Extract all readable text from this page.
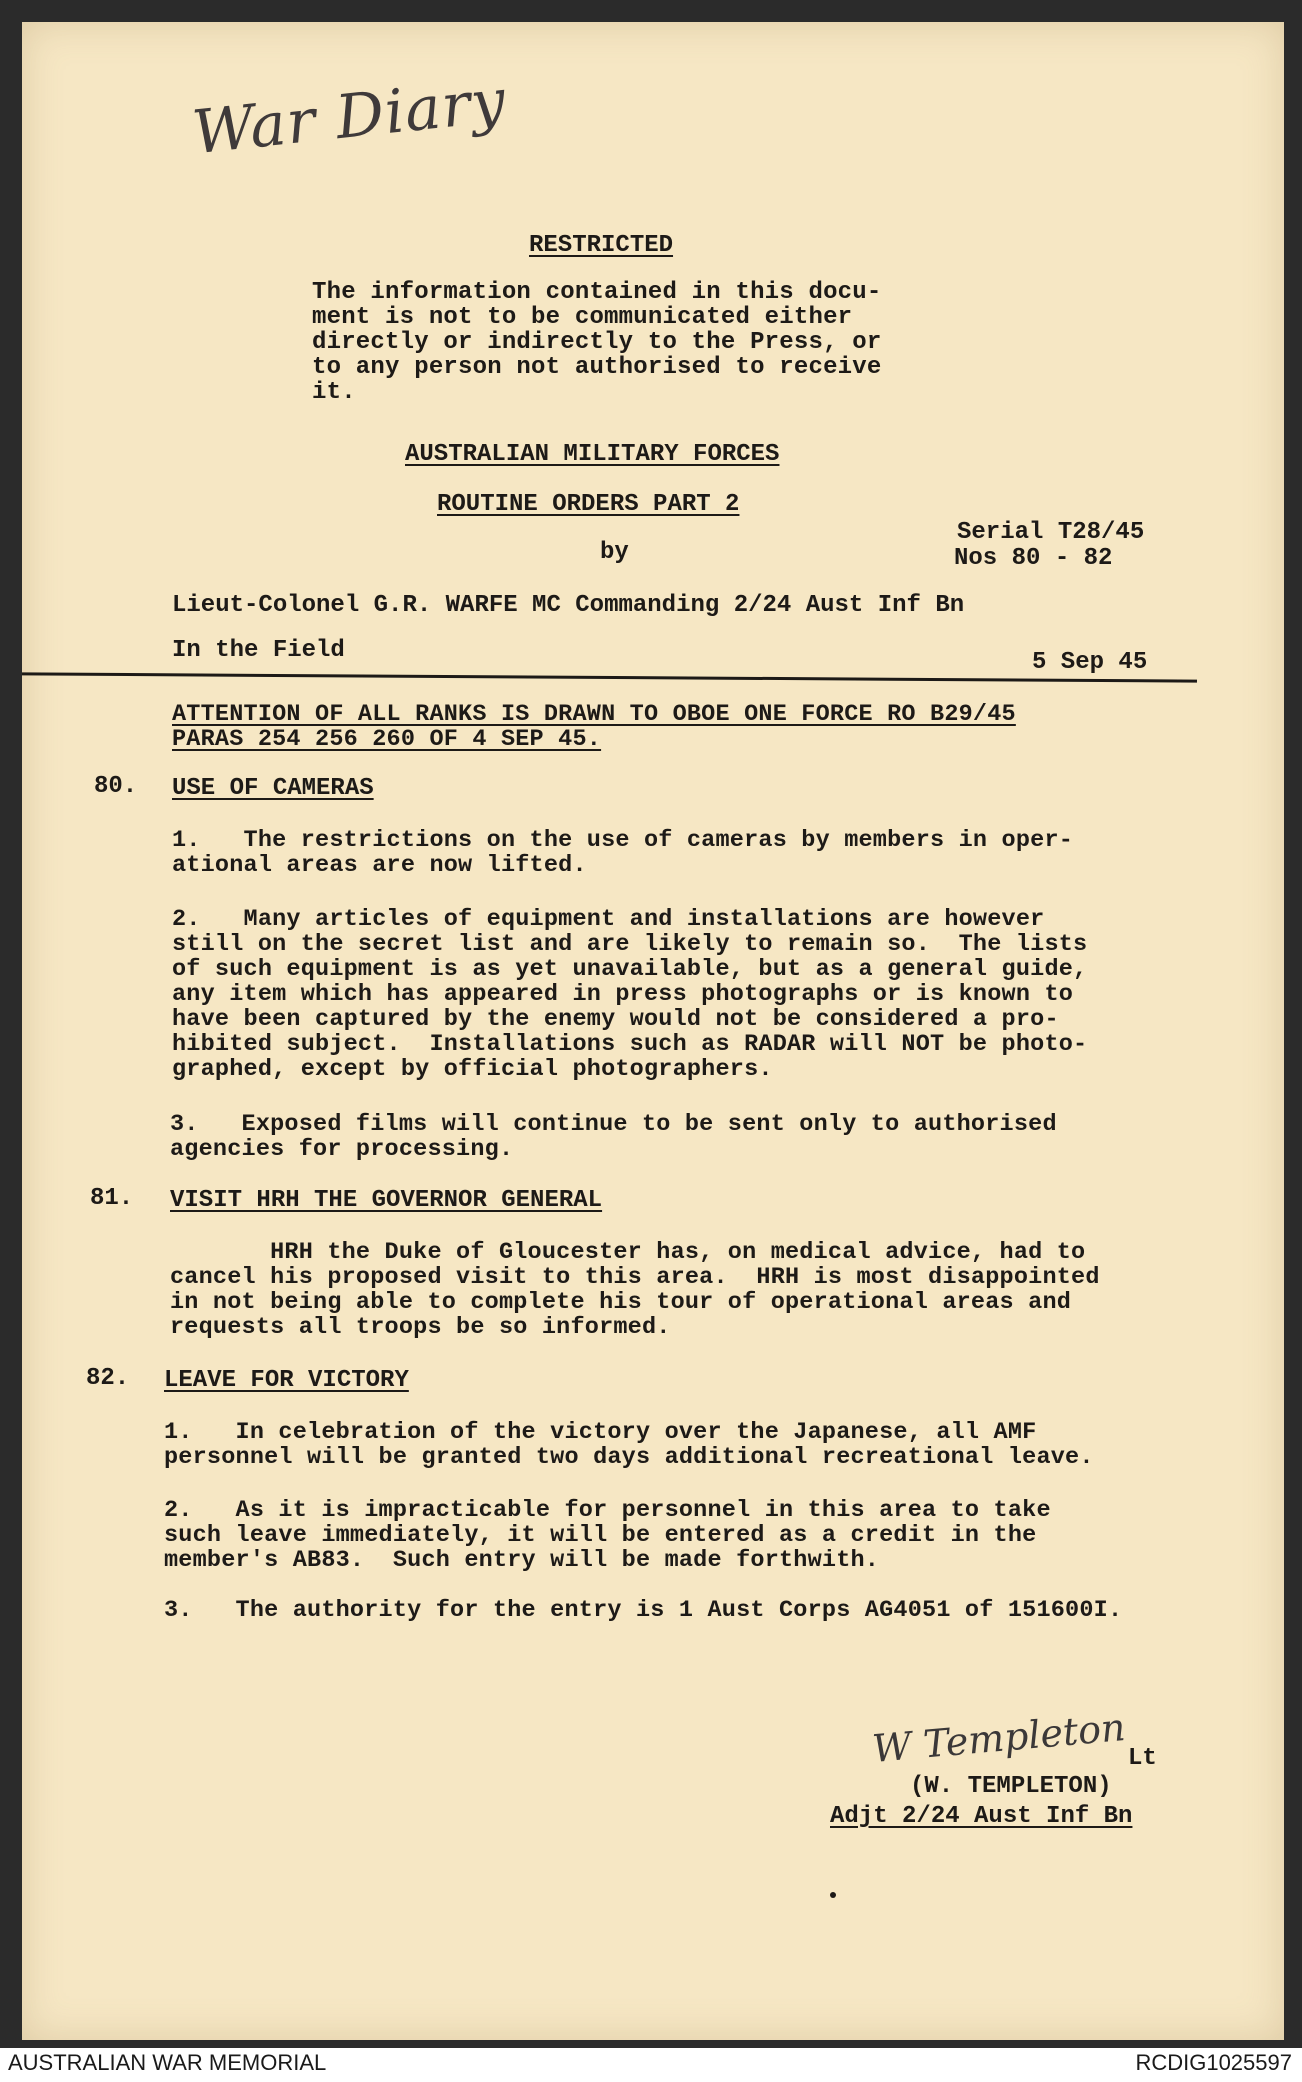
War Diary
RESTRICTED
The information contained in this docu-
ment is not to be communicated either
directly or indirectly to the Press, or
to any person not authorised to receive
it.
AUSTRALIAN MILITARY FORCES
ROUTINE ORDERS PART 2
Serial T28/45
Nos 80 - 82
by
Lieut-Colonel G.R. WARFE MC Commanding 2/24 Aust Inf Bn
In the Field	5 Sep 45
ATTENTION OF ALL RANKS IS DRAWN TO OBOE ONE FORCE RO B29/45
PARAS 254 256 260 OF 4 SEP 45.
80. USE OF CAMERAS
1.   The restrictions on the use of cameras by members in oper-
ational areas are now lifted.
2.   Many articles of equipment and installations are however
still on the secret list and are likely to remain so.  The lists
of such equipment is as yet unavailable, but as a general guide,
any item which has appeared in press photographs or is known to
have been captured by the enemy would not be considered a pro-
hibited subject.  Installations such as RADAR will NOT be photo-
graphed, except by official photographers.
3.   Exposed films will continue to be sent only to authorised
agencies for processing.
81. VISIT HRH THE GOVERNOR GENERAL
HRH the Duke of Gloucester has, on medical advice, had to
cancel his proposed visit to this area.  HRH is most disappointed
in not being able to complete his tour of operational areas and
requests all troops be so informed.
82. LEAVE FOR VICTORY
1.   In celebration of the victory over the Japanese, all AMF
personnel will be granted two days additional recreational leave.
2.   As it is impracticable for personnel in this area to take
such leave immediately, it will be entered as a credit in the
member's AB83.  Such entry will be made forthwith.
3.   The authority for the entry is 1 Aust Corps AG4051 of 151600I.
W Templeton Lt
(W. TEMPLETON)
Adjt 2/24 Aust Inf Bn
AUSTRALIAN WAR MEMORIAL	RCDIG1025597
